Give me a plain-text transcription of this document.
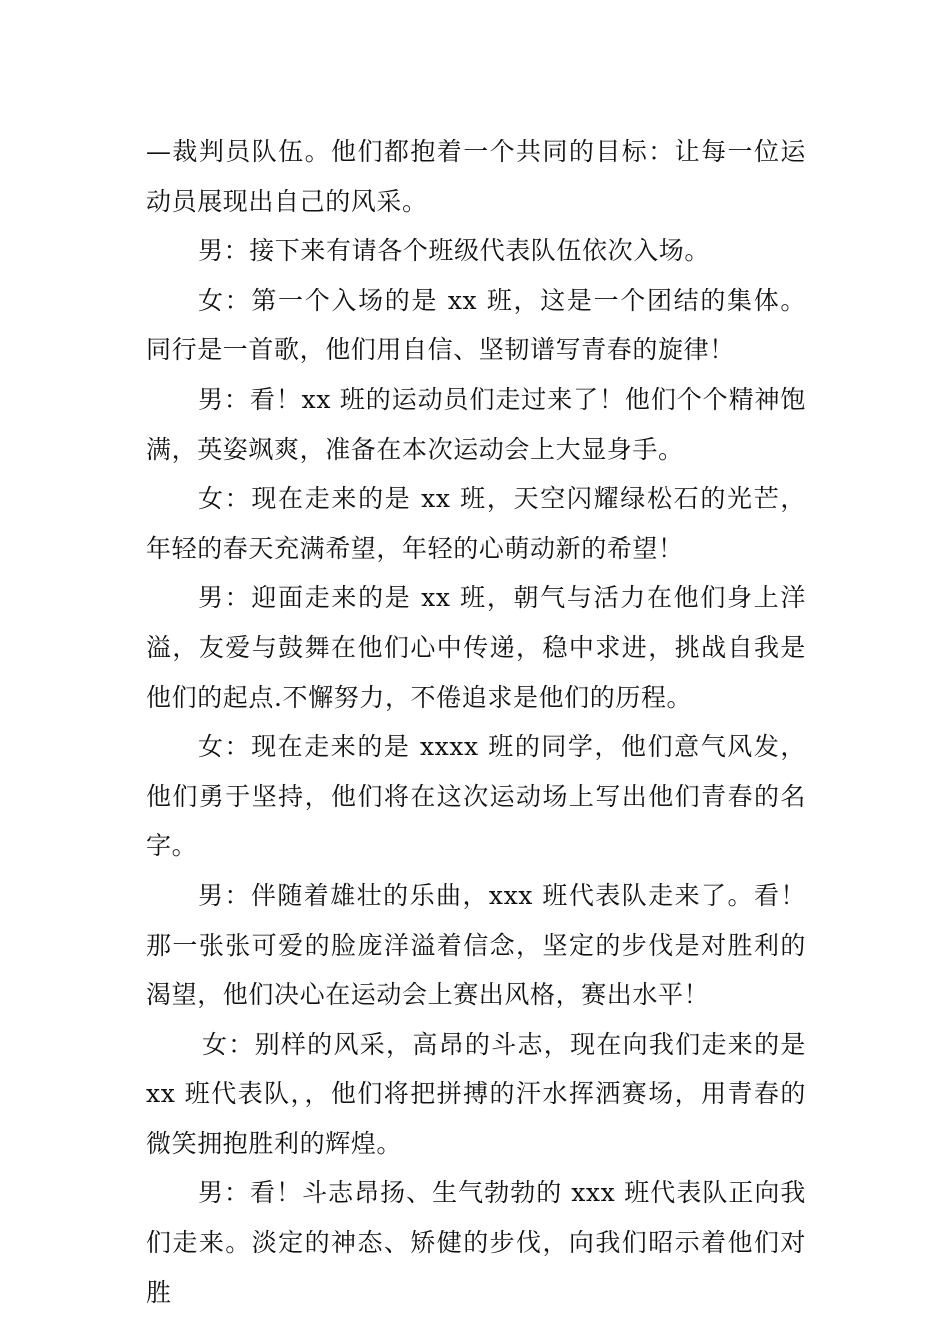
—裁判员队伍。他们都抱着一个共同的目标：让每一位运动员展现出自己的风采。

男：接下来有请各个班级代表队伍依次入场。

女：第一个入场的是 xx 班，这是一个团结的集体。同行是一首歌，他们用自信、坚韧谱写青春的旋律！

男：看！xx 班的运动员们走过来了！他们个个精神饱满，英姿飒爽，准备在本次运动会上大显身手。

女：现在走来的是 xx 班，天空闪耀绿松石的光芒，年轻的春天充满希望，年轻的心萌动新的希望！

男：迎面走来的是 xx 班，朝气与活力在他们身上洋溢，友爱与鼓舞在他们心中传递，稳中求进，挑战自我是他们的起点.不懈努力，不倦追求是他们的历程。

女：现在走来的是 xxxx 班的同学，他们意气风发，他们勇于坚持，他们将在这次运动场上写出他们青春的名字。

男：伴随着雄壮的乐曲，xxx 班代表队走来了。看！那一张张可爱的脸庞洋溢着信念，坚定的步伐是对胜利的渴望，他们决心在运动会上赛出风格，赛出水平！

女：别样的风采，高昂的斗志，现在向我们走来的是 xx 班代表队，，他们将把拼搏的汗水挥洒赛场，用青春的微笑拥抱胜利的辉煌。

男：看！斗志昂扬、生气勃勃的 xxx 班代表队正向我们走来。淡定的神态、矫健的步伐，向我们昭示着他们对胜
